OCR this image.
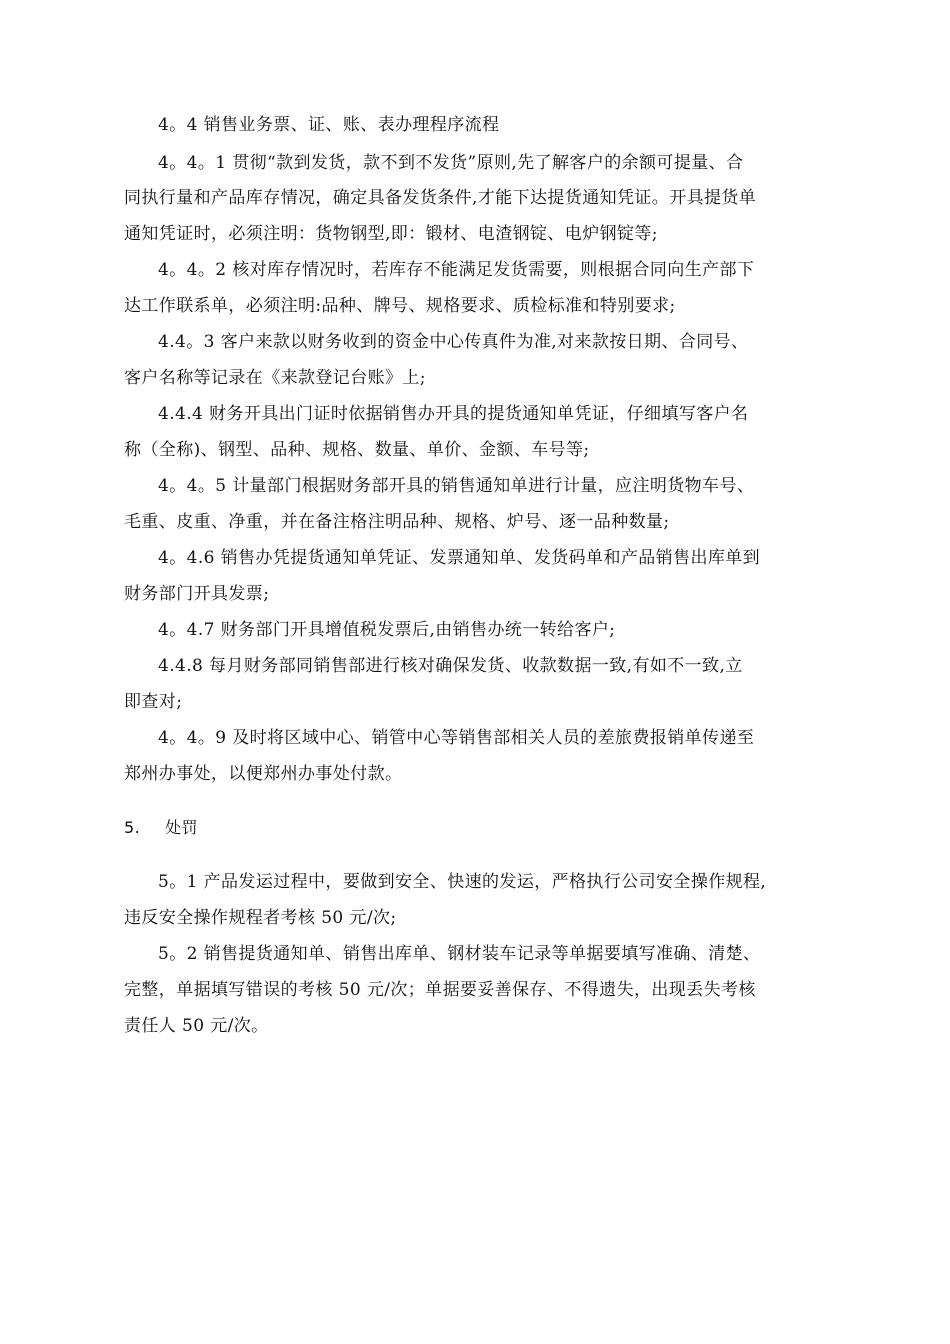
4。4 销售业务票、证、账、表办理程序流程
4。4。1 贯彻“款到发货，款不到不发货”原则,先了解客户的余额可提量、合
同执行量和产品库存情况，确定具备发货条件,才能下达提货通知凭证。开具提货单
通知凭证时，必须注明：货物钢型,即：锻材、电渣钢锭、电炉钢锭等;
4。4。2 核对库存情况时，若库存不能满足发货需要，则根据合同向生产部下
达工作联系单，必须注明:品种、牌号、规格要求、质检标准和特别要求;
4.4。3 客户来款以财务收到的资金中心传真件为准,对来款按日期、合同号、
客户名称等记录在《来款登记台账》上;
4.4.4 财务开具出门证时依据销售办开具的提货通知单凭证，仔细填写客户名
称（全称)、钢型、品种、规格、数量、单价、金额、车号等;
4。4。5 计量部门根据财务部开具的销售通知单进行计量，应注明货物车号、
毛重、皮重、净重，并在备注格注明品种、规格、炉号、逐一品种数量;
4。4.6 销售办凭提货通知单凭证、发票通知单、发货码单和产品销售出库单到
财务部门开具发票;
4。4.7 财务部门开具增值税发票后,由销售办统一转给客户;
4.4.8 每月财务部同销售部进行核对确保发货、收款数据一致,有如不一致,立
即查对;
4。4。9 及时将区域中心、销管中心等销售部相关人员的差旅费报销单传递至
郑州办事处，以便郑州办事处付款。
5. 处罚
5。1 产品发运过程中，要做到安全、快速的发运，严格执行公司安全操作规程,
违反安全操作规程者考核 50 元/次;
5。2 销售提货通知单、销售出库单、钢材装车记录等单据要填写准确、清楚、
完整，单据填写错误的考核 50 元/次；单据要妥善保存、不得遗失，出现丢失考核
责任人 50 元/次。
